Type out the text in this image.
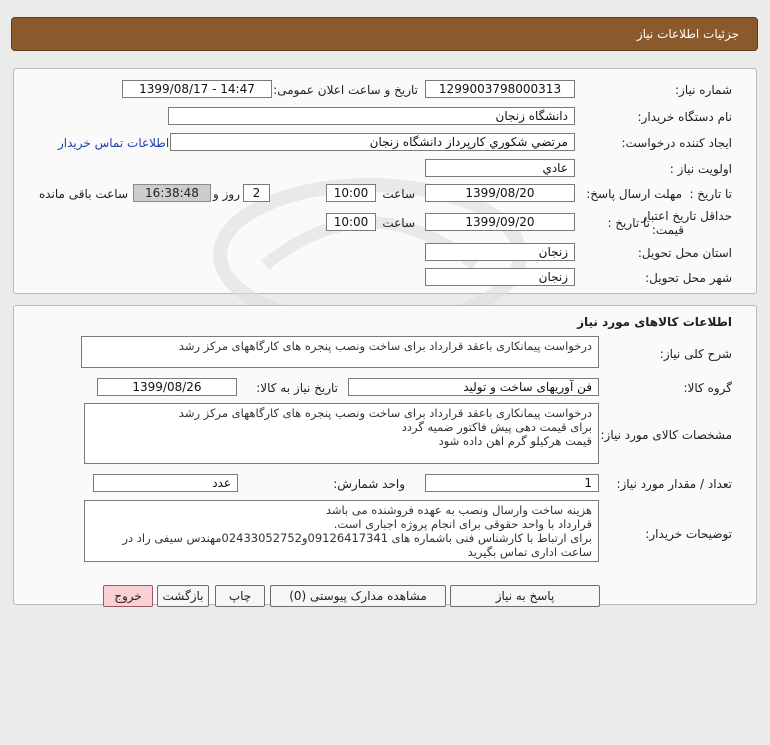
جزئیات اطلاعات نیاز
شماره نیاز:
1299003798000313
تاریخ و ساعت اعلان عمومی:
1399/08/17 - 14:47
نام دستگاه خریدار:
دانشگاه زنجان
ایجاد کننده درخواست:
مرتضي شکوري كارپرداز دانشگاه زنجان
اطلاعات تماس خریدار
اولویت نیاز :
عادي
مهلت ارسال پاسخ: تا تاریخ :
1399/08/20
ساعت
10:00
2
روز و
16:38:48
ساعت باقی مانده
حداقل تاریخ اعتبار
قیمت:
تا تاریخ :
1399/09/20
ساعت
10:00
استان محل تحویل:
زنجان
شهر محل تحویل:
زنجان
اطلاعات کالاهای مورد نیاز
شرح کلی نیاز:
درخواست پیمانکاری باعقد قرارداد برای ساخت ونصب پنجره های کارگاههای مرکز رشد
گروه کالا:
فن آوریهای ساخت و تولید
تاریخ نیاز به کالا:
1399/08/26
مشخصات کالای مورد نیاز:
درخواست پیمانکاری باعقد قرارداد برای ساخت ونصب پنجره های کارگاههای مرکز رشد
برای قیمت دهی پیش فاکتور ضمیه گردد
قیمت هرکیلو گرم اهن داده شود
تعداد / مقدار مورد نیاز:
1
واحد شمارش:
عدد
توضیحات خریدار:
هزینه ساخت وارسال ونصب به عهده فروشنده می باشد
قرارداد با واحد حقوقی برای انجام پروژه اجباری است.
برای ارتباط با کارشناس فنی باشماره های 09126417341و02433052752مهندس سیفی راد در
ساعت اداری تماس بگیرید
پاسخ به نیاز
مشاهده مدارک پیوستی (0)
چاپ
بازگشت
خروج
